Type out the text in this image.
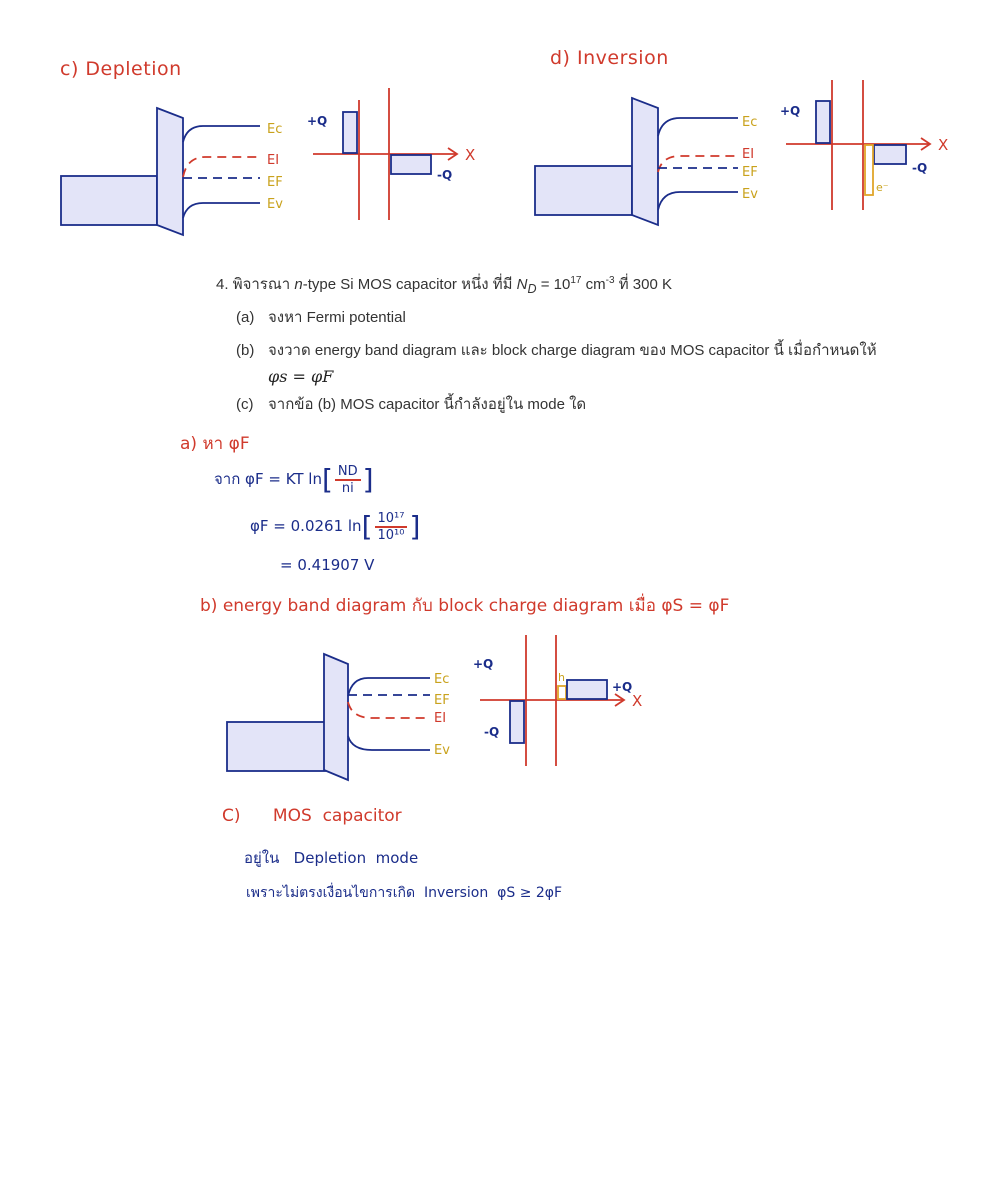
c) Depletion
Ec
EI
EF
Ev
+Q
-Q
X
d) Inversion
Ec
EI
EF
Ev
+Q
-Q
e⁻
X
4. พิจารณา n-type Si MOS capacitor หนึ่ง ที่มี $N_D = 10^{17}$ $cm^{-3}$ ที่ 300 K
(a) จงหา Fermi potential
(b) จงวาด energy band diagram และ block charge diagram ของ MOS capacitor นี้ เมื่อกำหนดให้
φs = φF
(c) จากข้อ (b) MOS capacitor นี้กำลังอยู่ใน mode ใด
a) หา φF
จาก φF = KT $\ln[ \frac{ND}{ni}$ ]
φF = 0.0261 $\ln[ \frac{\text{10¹⁷}}{\text{10¹⁰}}$ ]
= 0.41907 V
b) energy band diagram กับ block charge diagram เมื่อ φS = φF
Ec
EF
EI
Ev
+Q
-Q
+Q
h
X
C)      MOS  capacitor
อยู่ใน   Depletion  mode
เพราะไม่ตรงเงื่อนไขการเกิด  Inversion  φS ≥ 2φF
